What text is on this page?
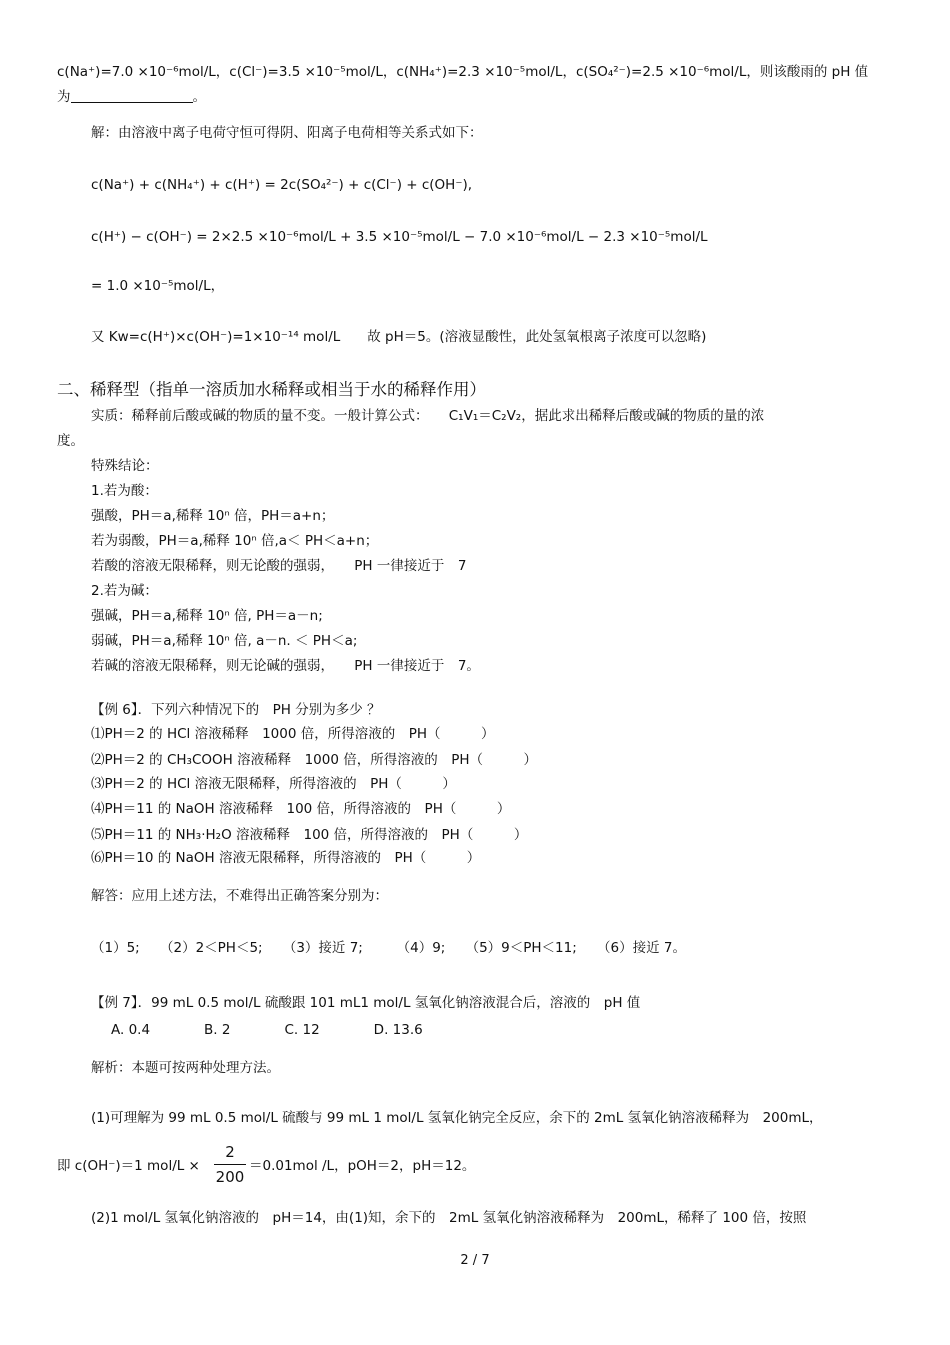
c(Na⁺)=7.0 ×10⁻⁶mol/L，c(Cl⁻)=3.5 ×10⁻⁵mol/L，c(NH₄⁺)=2.3 ×10⁻⁵mol/L，c(SO₄²⁻)=2.5 ×10⁻⁶mol/L，则该酸雨的 pH 值
为	。
解：由溶液中离子电荷守恒可得阴、阳离子电荷相等关系式如下：
c(Na⁺) + c(NH₄⁺) + c(H⁺) = 2c(SO₄²⁻) + c(Cl⁻) + c(OH⁻),
c(H⁺) − c(OH⁻) = 2×2.5 ×10⁻⁶mol/L + 3.5 ×10⁻⁵mol/L − 7.0 ×10⁻⁶mol/L − 2.3 ×10⁻⁵mol/L
= 1.0 ×10⁻⁵mol/L，
又 Kw=c(H⁺)×c(OH⁻)=1×10⁻¹⁴ mol/L　　故 pH＝5。(溶液显酸性，此处氢氧根离子浓度可以忽略)
二、稀释型（指单一溶质加水稀释或相当于水的稀释作用）
实质：稀释前后酸或碱的物质的量不变。一般计算公式：　　C₁V₁＝C₂V₂，据此求出稀释后酸或碱的物质的量的浓
度。
特殊结论：
1.若为酸：
强酸，PH＝a,稀释 10ⁿ 倍，PH＝a+n；
若为弱酸，PH＝a,稀释 10ⁿ 倍,a＜ PH＜a+n；
若酸的溶液无限稀释，则无论酸的强弱，　　PH 一律接近于　7
2.若为碱：
强碱，PH＝a,稀释 10ⁿ 倍, PH＝a－n;
弱碱，PH＝a,稀释 10ⁿ 倍, a－n. ＜ PH＜a;
若碱的溶液无限稀释，则无论碱的强弱，　　PH 一律接近于　7。
【例 6】．下列六种情况下的　PH 分别为多少 ？
⑴PH＝2 的 HCl 溶液稀释　1000 倍，所得溶液的　PH（　　　）
⑵PH＝2 的 CH₃COOH 溶液稀释　1000 倍，所得溶液的　PH（　　　）
⑶PH＝2 的 HCl 溶液无限稀释，所得溶液的　PH（　　　）
⑷PH＝11 的 NaOH 溶液稀释　100 倍，所得溶液的　PH（　　　）
⑸PH＝11 的 NH₃·H₂O 溶液稀释　100 倍，所得溶液的　PH（　　　）
⑹PH＝10 的 NaOH 溶液无限稀释，所得溶液的　PH（　　　）
解答：应用上述方法，不难得出正确答案分别为：
（1）5;　　（2）2＜PH＜5;　　（3）接近 7;　　　（4）9;　　（5）9＜PH＜11;　　（6）接近 7。
【例 7】．99 mL 0.5 mol/L 硫酸跟 101 mL1 mol/L 氢氧化钠溶液混合后，溶液的　pH 值
A. 0.4　　　　B. 2　　　　C. 12　　　　D. 13.6
解析：本题可按两种处理方法。
(1)可理解为 99 mL 0.5 mol/L 硫酸与 99 mL 1 mol/L 氢氧化钠完全反应，余下的 2mL 氢氧化钠溶液稀释为　200mL，
即 c(OH⁻)＝1 mol/L ×
2
200
＝0.01mol /L，pOH＝2，pH＝12。
(2)1 mol/L 氢氧化钠溶液的　pH＝14，由(1)知，余下的　2mL 氢氧化钠溶液稀释为　200mL，稀释了 100 倍，按照
2 / 7
